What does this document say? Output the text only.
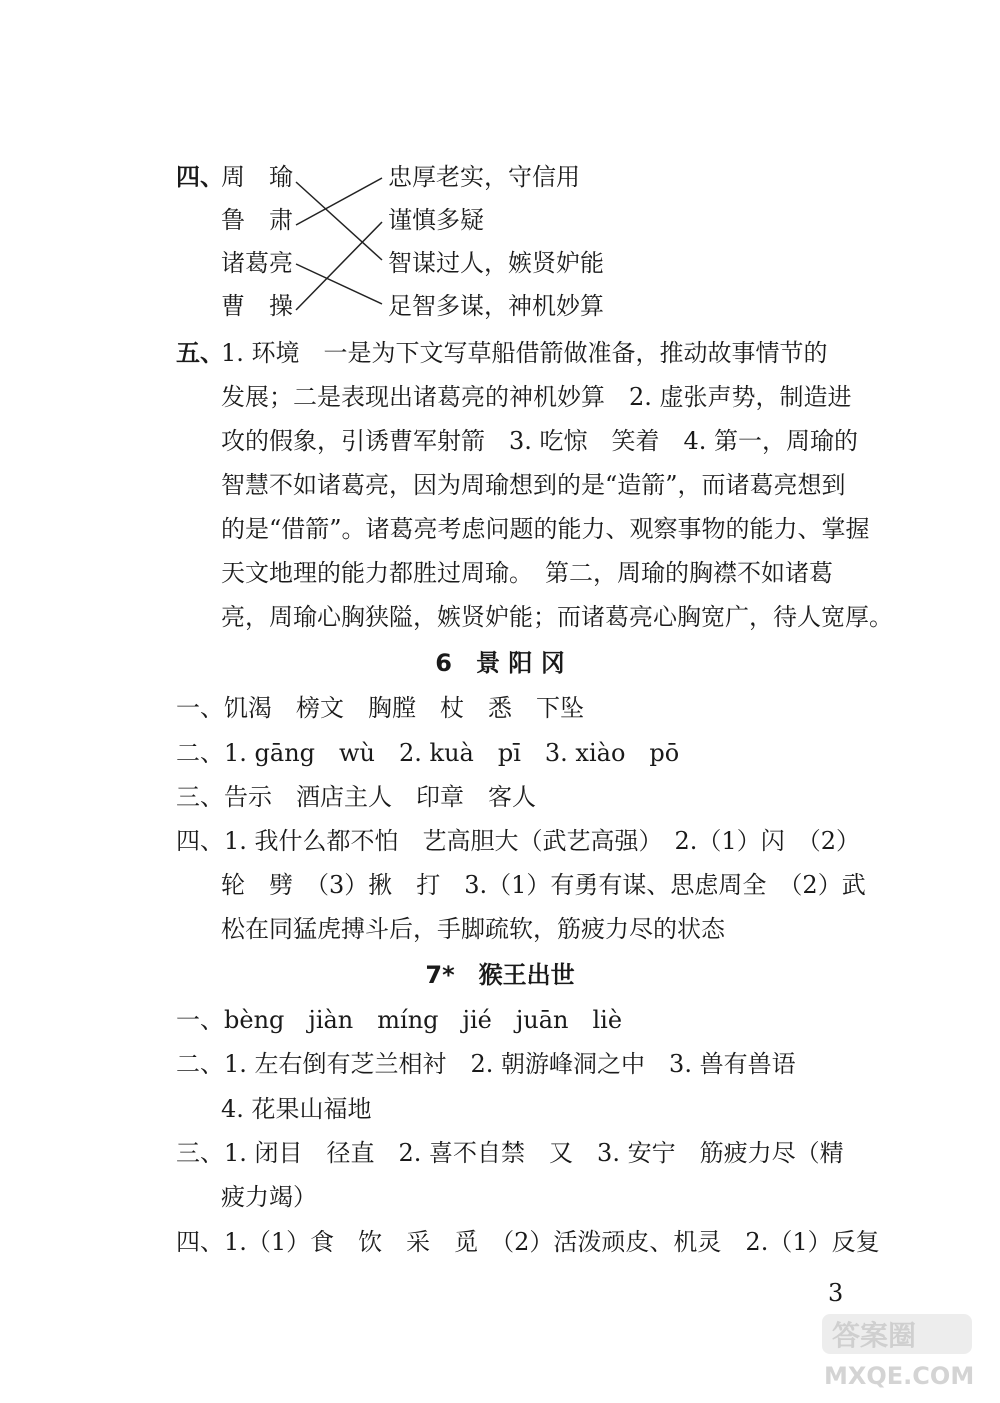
四、
周　瑜
鲁　肃
诸葛亮
曹　操
忠厚老实，守信用
谨慎多疑
智谋过人，嫉贤妒能
足智多谋，神机妙算
五、
1. 环境　一是为下文写草船借箭做准备，推动故事情节的
发展；二是表现出诸葛亮的神机妙算　2. 虚张声势，制造进
攻的假象，引诱曹军射箭　3. 吃惊　笑着　4. 第一，周瑜的
智慧不如诸葛亮，因为周瑜想到的是“造箭”，而诸葛亮想到
的是“借箭”。诸葛亮考虑问题的能力、观察事物的能力、掌握
天文地理的能力都胜过周瑜。　第二，周瑜的胸襟不如诸葛
亮，周瑜心胸狭隘，嫉贤妒能；而诸葛亮心胸宽广，待人宽厚。
6　景 阳 冈
一、饥渴　榜文　胸膛　杖　悉　下坠
二、1. gāng　wù　2. kuà　pī　3. xiào　pō
三、告示　酒店主人　印章　客人
四、1. 我什么都不怕　艺高胆大（武艺高强）　2.（1）闪　（2）
轮　劈　（3）揪　打　3.（1）有勇有谋、思虑周全　（2）武
松在同猛虎搏斗后，手脚疏软，筋疲力尽的状态
7*　猴王出世
一、bèng　jiàn　míng　jié　juān　liè
二、1. 左右倒有芝兰相衬　2. 朝游峰洞之中　3. 兽有兽语
4. 花果山福地
三、1. 闭目　径直　2. 喜不自禁　又　3. 安宁　筋疲力尽（精
疲力竭）
四、1.（1）食　饮　采　觅　（2）活泼顽皮、机灵　2.（1）反复
3
答案圈
MXQE.COM
